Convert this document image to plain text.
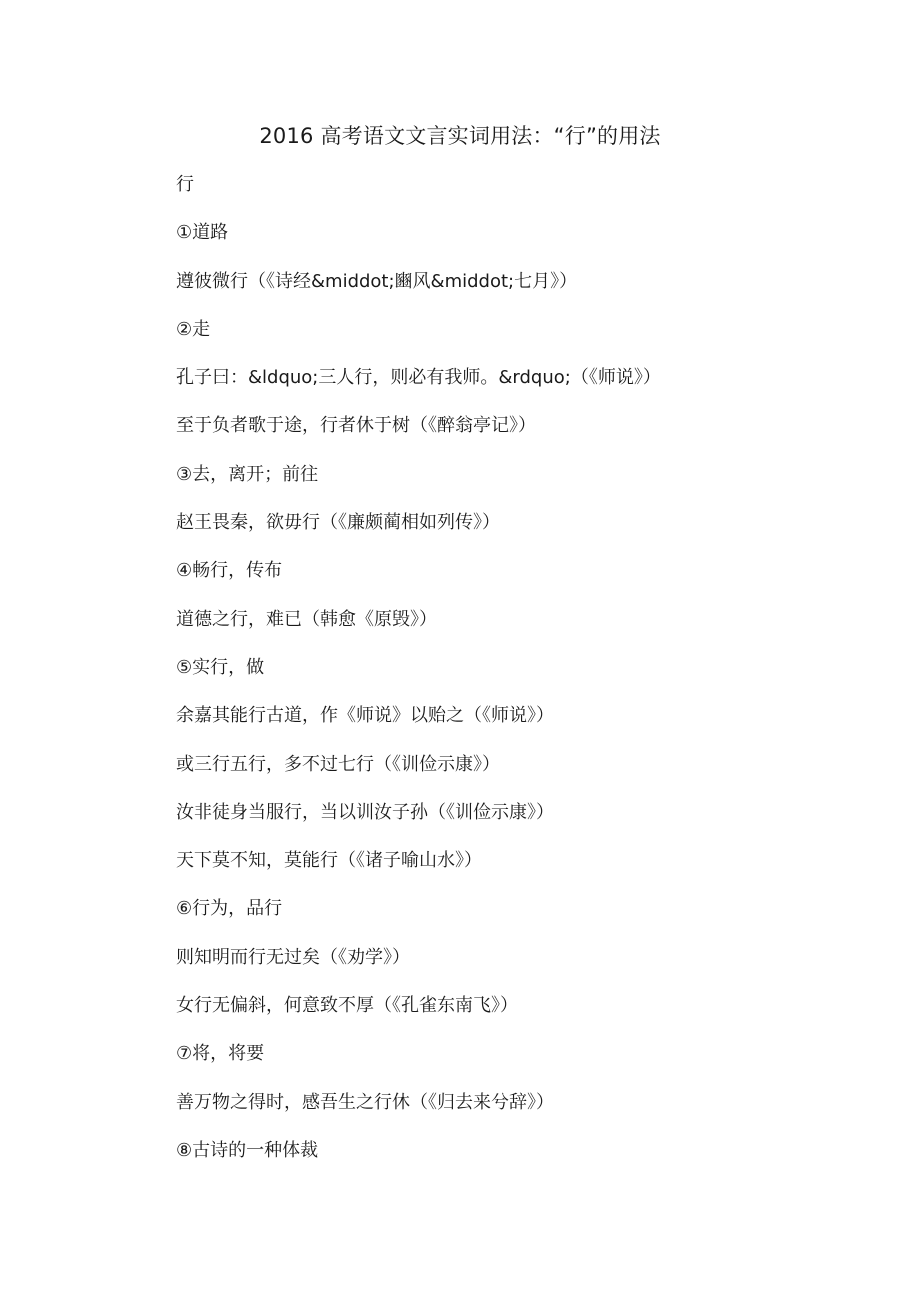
2016 高考语文文言实词用法：“行”的用法
行
①道路
遵彼微行（《诗经&middot;豳风&middot;七月》）
②走
孔子曰：&ldquo;三人行，则必有我师。&rdquo;（《师说》）
至于负者歌于途，行者休于树（《醉翁亭记》）
③去，离开；前往
赵王畏秦，欲毋行（《廉颇蔺相如列传》）
④畅行，传布
道德之行，难已（韩愈《原毁》）
⑤实行，做
余嘉其能行古道，作《师说》以贻之（《师说》）
或三行五行，多不过七行（《训俭示康》）
汝非徒身当服行，当以训汝子孙（《训俭示康》）
天下莫不知，莫能行（《诸子喻山水》）
⑥行为，品行
则知明而行无过矣（《劝学》）
女行无偏斜，何意致不厚（《孔雀东南飞》）
⑦将，将要
善万物之得时，感吾生之行休（《归去来兮辞》）
⑧古诗的一种体裁
